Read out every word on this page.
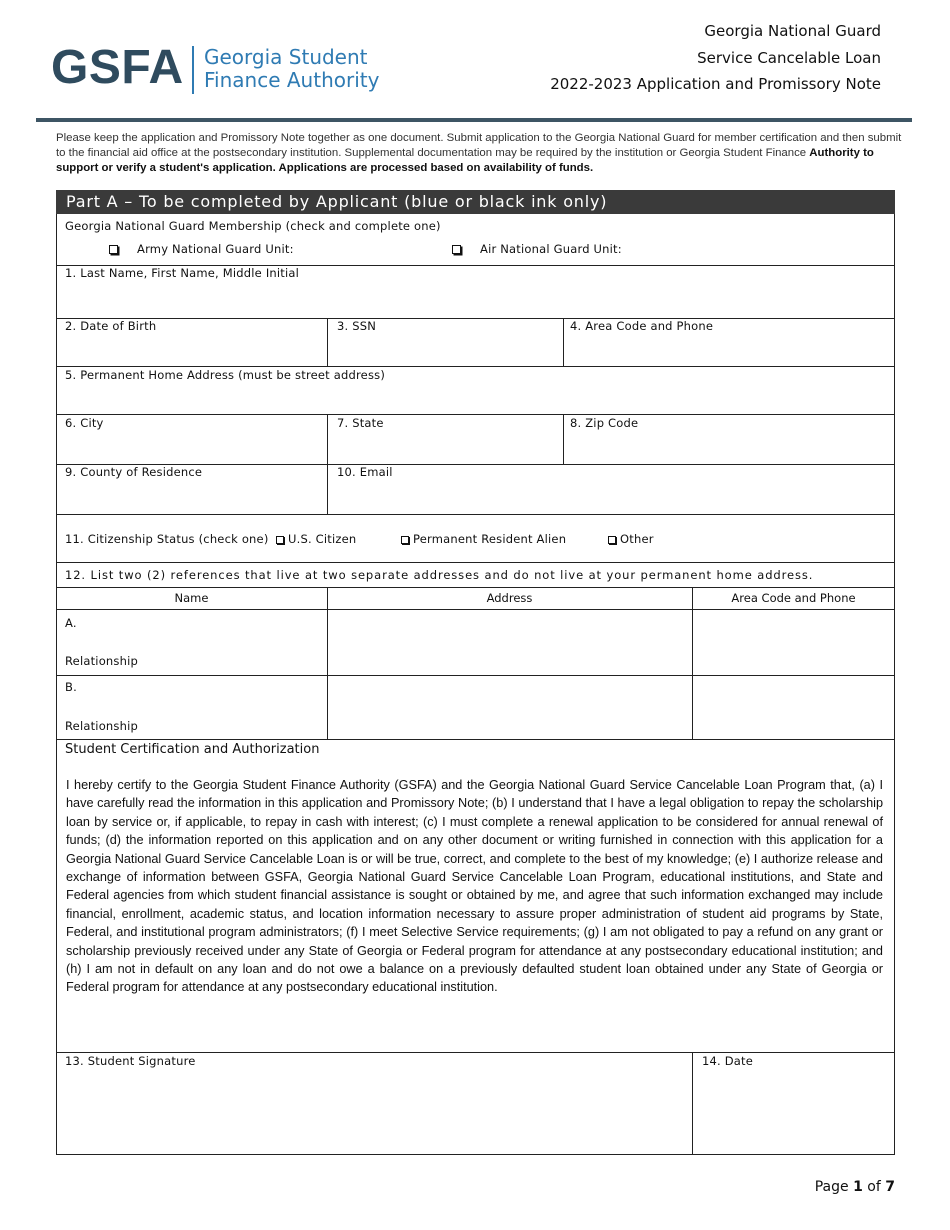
GSFA Georgia Student
Finance Authority
Georgia National Guard
Service Cancelable Loan
2022-2023 Application and Promissory Note
Please keep the application and Promissory Note together as one document. Submit application to the Georgia National Guard for member certification and then submit to the financial aid office at the postsecondary institution. Supplemental documentation may be required by the institution or Georgia Student Finance Authority to support or verify a student's application. Applications are processed based on availability of funds.
Part A – To be completed by Applicant (blue or black ink only)
Georgia National Guard Membership (check and complete one)
Army National Guard Unit:	Air National Guard Unit:
1. Last Name, First Name, Middle Initial
2. Date of Birth	3. SSN	4. Area Code and Phone
5. Permanent Home Address (must be street address)
6. City	7. State	8. Zip Code
9. County of Residence	10. Email
11. Citizenship Status (check one)	U.S. Citizen	Permanent Resident Alien	Other
12. List two (2) references that live at two separate addresses and do not live at your permanent home address.
Name	Address	Area Code and Phone
A.
Relationship
B.
Relationship
Student Certification and Authorization
I hereby certify to the Georgia Student Finance Authority (GSFA) and the Georgia National Guard Service Cancelable Loan Program that, (a) I have carefully read the information in this application and Promissory Note; (b) I understand that I have a legal obligation to repay the scholarship loan by service or, if applicable, to repay in cash with interest; (c) I must complete a renewal application to be considered for annual renewal of funds; (d) the information reported on this application and on any other document or writing furnished in connection with this application for a Georgia National Guard Service Cancelable Loan is or will be true, correct, and complete to the best of my knowledge; (e) I authorize release and exchange of information between GSFA, Georgia National Guard Service Cancelable Loan Program, educational institutions, and State and Federal agencies from which student financial assistance is sought or obtained by me, and agree that such information exchanged may include financial, enrollment, academic status, and location information necessary to assure proper administration of student aid programs by State, Federal, and institutional program administrators; (f) I meet Selective Service requirements; (g) I am not obligated to pay a refund on any grant or scholarship previously received under any State of Georgia or Federal program for attendance at any postsecondary educational institution; and (h) I am not in default on any loan and do not owe a balance on a previously defaulted student loan obtained under any State of Georgia or Federal program for attendance at any postsecondary educational institution.
13. Student Signature	14. Date
Page 1 of 7
